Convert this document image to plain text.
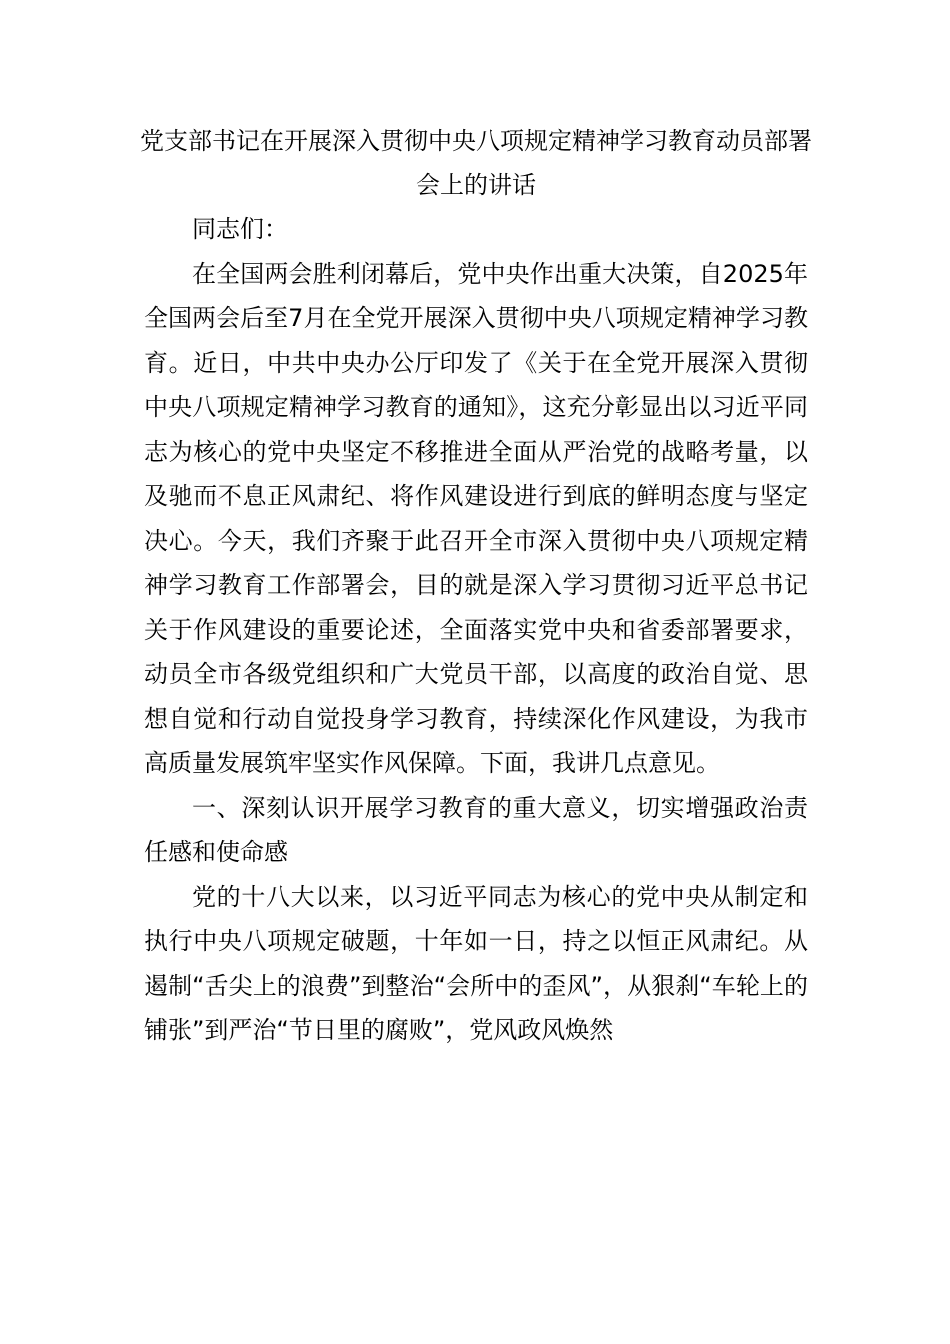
党支部书记在开展深入贯彻中央八项规定精神学习教育动员部署会上的讲话

同志们：

在全国两会胜利闭幕后，党中央作出重大决策，自2025年全国两会后至7月在全党开展深入贯彻中央八项规定精神学习教育。近日，中共中央办公厅印发了《关于在全党开展深入贯彻中央八项规定精神学习教育的通知》，这充分彰显出以习近平同志为核心的党中央坚定不移推进全面从严治党的战略考量，以及驰而不息正风肃纪、将作风建设进行到底的鲜明态度与坚定决心。今天，我们齐聚于此召开全市深入贯彻中央八项规定精神学习教育工作部署会，目的就是深入学习贯彻习近平总书记关于作风建设的重要论述，全面落实党中央和省委部署要求，动员全市各级党组织和广大党员干部，以高度的政治自觉、思想自觉和行动自觉投身学习教育，持续深化作风建设，为我市高质量发展筑牢坚实作风保障。下面，我讲几点意见。

一、深刻认识开展学习教育的重大意义，切实增强政治责任感和使命感

党的十八大以来，以习近平同志为核心的党中央从制定和执行中央八项规定破题，十年如一日，持之以恒正风肃纪。从遏制“舌尖上的浪费”到整治“会所中的歪风”，从狠刹“车轮上的铺张”到严治“节日里的腐败”，党风政风焕然
